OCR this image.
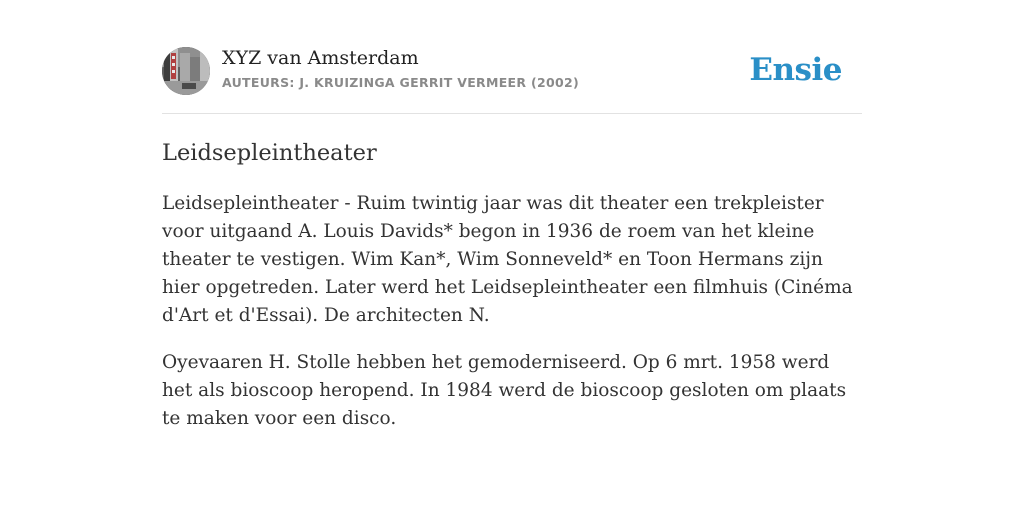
XYZ van Amsterdam
AUTEURS: J. KRUIZINGA GERRIT VERMEER (2002)	Ensie
Leidsepleintheater

Leidsepleintheater - Ruim twintig jaar was dit theater een trekpleister voor uitgaand A. Louis Davids* begon in 1936 de roem van het kleine theater te vestigen. Wim Kan*, Wim Sonneveld* en Toon Hermans zijn hier opgetreden. Later werd het Leidsepleintheater een filmhuis (Cinéma d'Art et d'Essai). De architecten N.

Oyevaaren H. Stolle hebben het gemoderniseerd. Op 6 mrt. 1958 werd het als bioscoop heropend. In 1984 werd de bioscoop gesloten om plaats te maken voor een disco.
